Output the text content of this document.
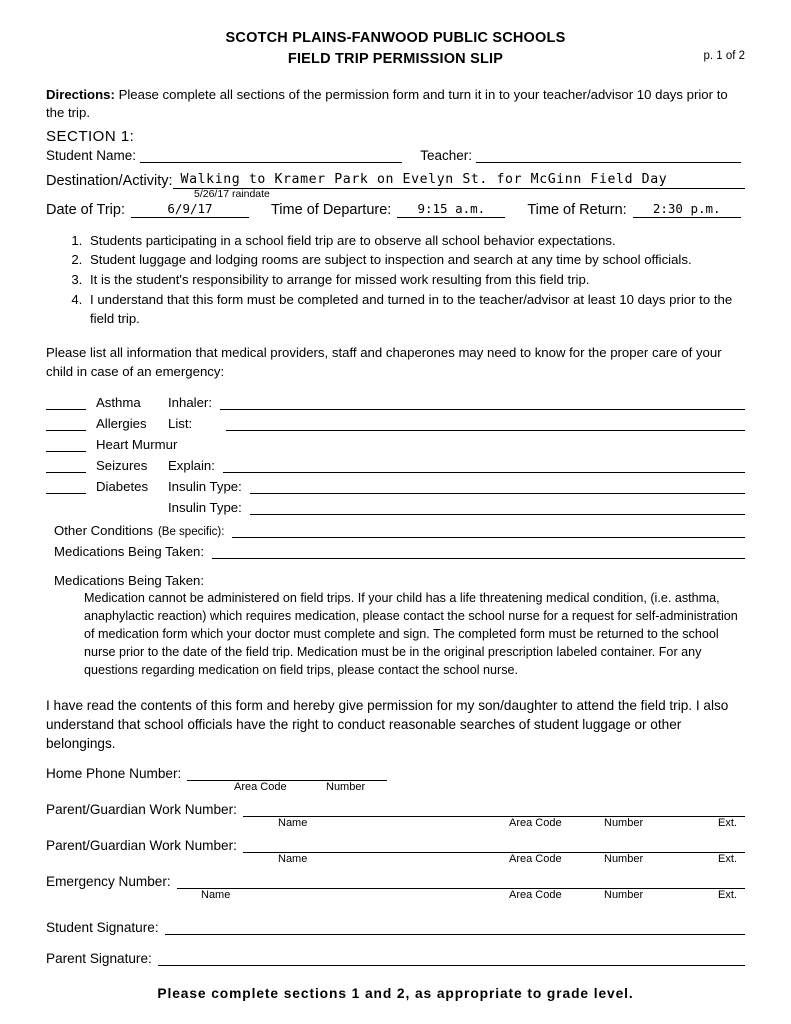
SCOTCH PLAINS-FANWOOD PUBLIC SCHOOLS
FIELD TRIP PERMISSION SLIP	p. 1 of 2
Directions: Please complete all sections of the permission form and turn it in to your teacher/advisor 10 days prior to the trip.
SECTION 1:
Student Name:	Teacher:
Destination/Activity: Walking to Kramer Park on Evelyn St. for McGinn Field Day
5/26/17 raindate
Date of Trip:	6/9/17	Time of Departure:	9:15 a.m.	Time of Return:	2:30 p.m.
1. Students participating in a school field trip are to observe all school behavior expectations.
2. Student luggage and lodging rooms are subject to inspection and search at any time by school officials.
3. It is the student's responsibility to arrange for missed work resulting from this field trip.
4. I understand that this form must be completed and turned in to the teacher/advisor at least 10 days prior to the field trip.
Please list all information that medical providers, staff and chaperones may need to know for the proper care of your child in case of an emergency:
Asthma	Inhaler:
Allergies	List:
Heart Murmur
Seizures	Explain:
Diabetes	Insulin Type:
Insulin Type:
Other Conditions (Be specific):
Medications Being Taken:
Medications Being Taken:
Medication cannot be administered on field trips. If your child has a life threatening medical condition, (i.e. asthma, anaphylactic reaction) which requires medication, please contact the school nurse for a request for self-administration of medication form which your doctor must complete and sign. The completed form must be returned to the school nurse prior to the date of the field trip. Medication must be in the original prescription labeled container. For any questions regarding medication on field trips, please contact the school nurse.
I have read the contents of this form and hereby give permission for my son/daughter to attend the field trip. I also understand that school officials have the right to conduct reasonable searches of student luggage or other belongings.
Home Phone Number:
Area Code	Number
Parent/Guardian Work Number:
Name	Area Code	Number	Ext.
Parent/Guardian Work Number:
Name	Area Code	Number	Ext.
Emergency Number:
Name	Area Code	Number	Ext.
Student Signature:
Parent Signature:
Please complete sections 1 and 2, as appropriate to grade level.
